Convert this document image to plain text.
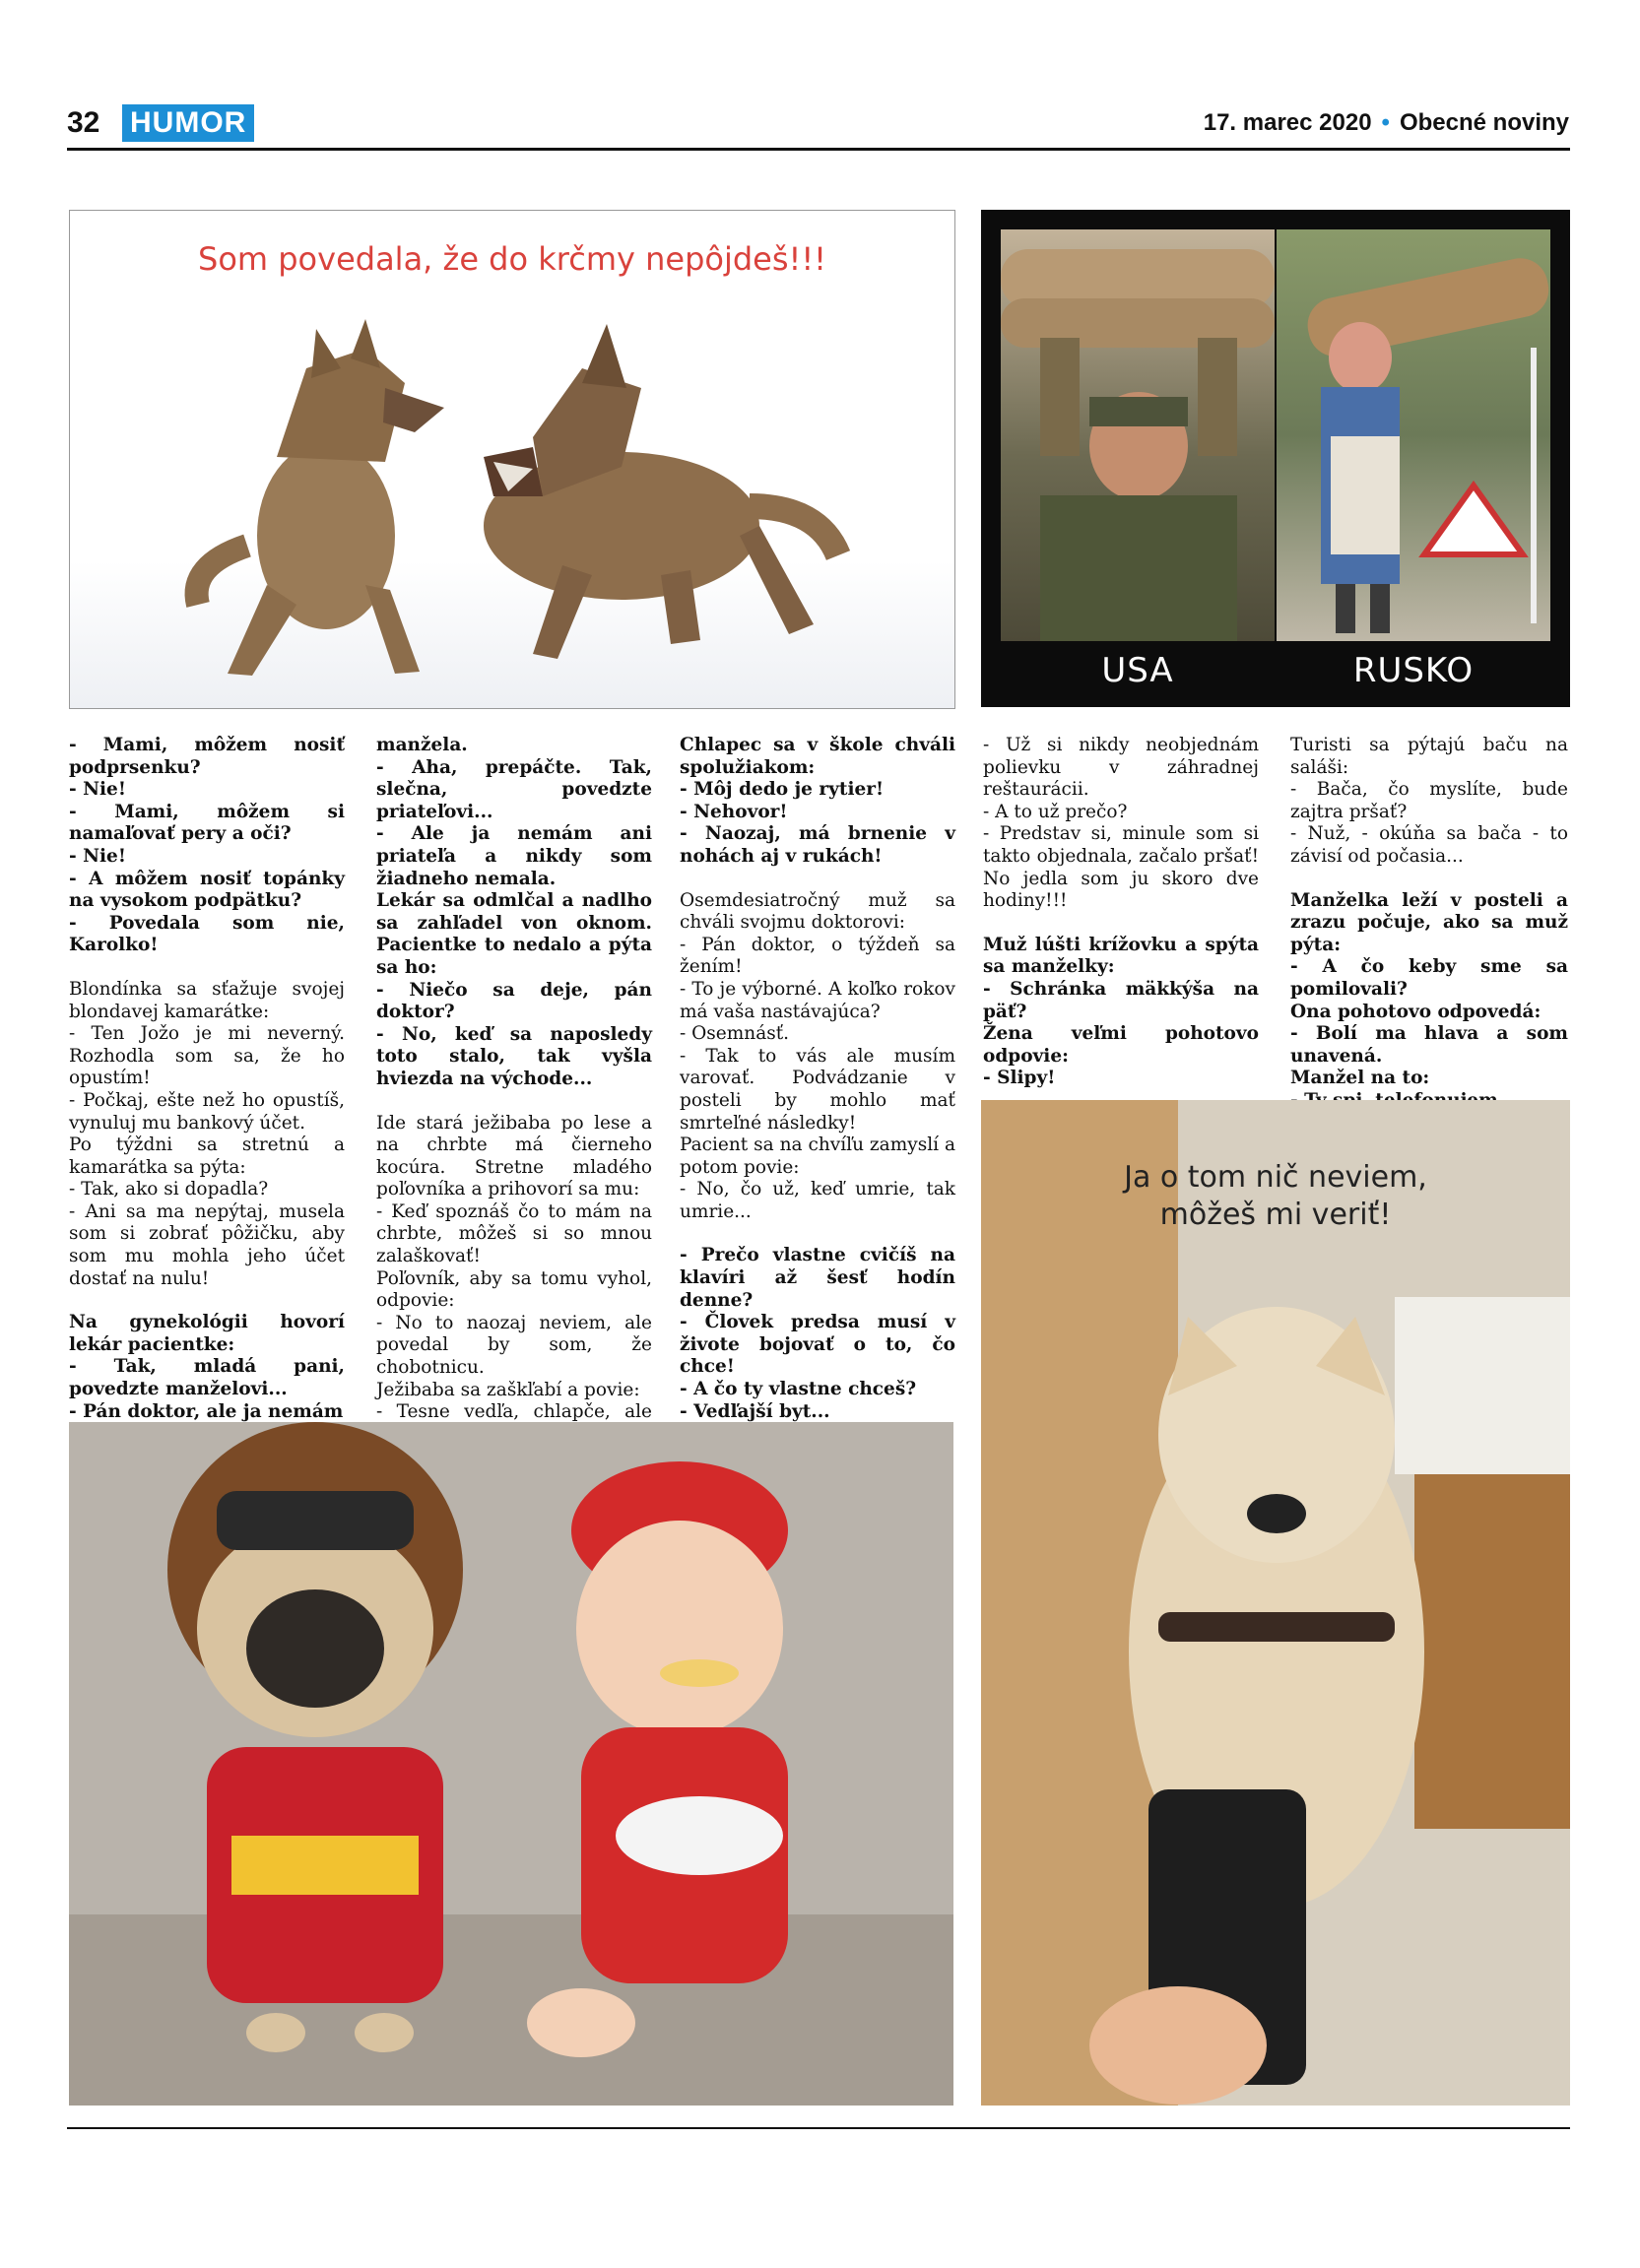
32 HUMOR	17. marec 2020 • Obecné noviny
Som povedala, že do krčmy nepôjdeš!!!
USA	RUSKO

- Mami, môžem nosiť podprsenku?

- Nie!

- Mami, môžem si namaľovať pery a oči?

- Nie!

- A môžem nosiť topánky na vysokom podpätku?

- Povedala som nie, Karolko!

Blondínka sa sťažuje svojej blondavej kamarátke:

- Ten Jožo je mi neverný. Rozhodla som sa, že ho opustím!

- Počkaj, ešte než ho opustíš, vynuluj mu bankový účet.

Po týždni sa stretnú a kamarátka sa pýta:

- Tak, ako si dopadla?

- Ani sa ma nepýtaj, musela som si zobrať pôžičku, aby som mu mohla jeho účet dostať na nulu!

Na gynekológii hovorí lekár pacientke:

- Tak, mladá pani, povedzte manželovi...

- Pán doktor, ale ja nemám

manžela.

- Aha, prepáčte. Tak, slečna, povedzte priateľovi...

- Ale ja nemám ani priateľa a nikdy som žiadneho nemala.

Lekár sa odmlčal a nadlho sa zahľadel von oknom. Pacientke to nedalo a pýta sa ho:

- Niečo sa deje, pán doktor?

- No, keď sa naposledy toto stalo, tak vyšla hviezda na východe...

Ide stará ježibaba po lese a na chrbte má čierneho kocúra. Stretne mladého poľovníka a prihovorí sa mu:

- Keď spoznáš čo to mám na chrbte, môžeš si so mnou zalaškovať!

Poľovník, aby sa tomu vyhol, odpovie:

- No to naozaj neviem, ale povedal by som, že chobotnicu.

Ježibaba sa zaškľabí a povie:

- Tesne vedľa, chlapče, ale

Chlapec sa v škole chváli spolužiakom:

- Môj dedo je rytier!

- Nehovor!

- Naozaj, má brnenie v nohách aj v rukách!

Osemdesiatročný muž sa chváli svojmu doktorovi:

- Pán doktor, o týždeň sa žením!

- To je výborné. A koľko rokov má vaša nastávajúca?

- Osemnásť.

- Tak to vás ale musím varovať. Podvádzanie v posteli by mohlo mať smrteľné následky!

Pacient sa na chvíľu zamyslí a potom povie:

- No, čo už, keď umrie, tak umrie...

- Prečo vlastne cvičíš na klavíri až šesť hodín denne?

- Človek predsa musí v živote bojovať o to, čo chce!

- A čo ty vlastne chceš?

- Vedľajší byt...

- Už si nikdy neobjednám polievku v záhradnej reštaurácii.

- A to už prečo?

- Predstav si, minule som si takto objednala, začalo pršať! No jedla som ju skoro dve hodiny!!!

Muž lúšti krížovku a spýta sa manželky:

- Schránka mäkkýša na päť?

Žena veľmi pohotovo odpovie:

- Slipy!

Turisti sa pýtajú baču na saláši:

- Bača, čo myslíte, bude zajtra pršať?

- Nuž, - okúňa sa bača - to závisí od počasia...

Manželka leží v posteli a zrazu počuje, ako sa muž pýta:

- A čo keby sme sa pomilovali?

Ona pohotovo odpovedá:

- Bolí ma hlava a som unavená.

Manžel na to:

Ja o tom nič neviem,
môžeš mi veriť!
